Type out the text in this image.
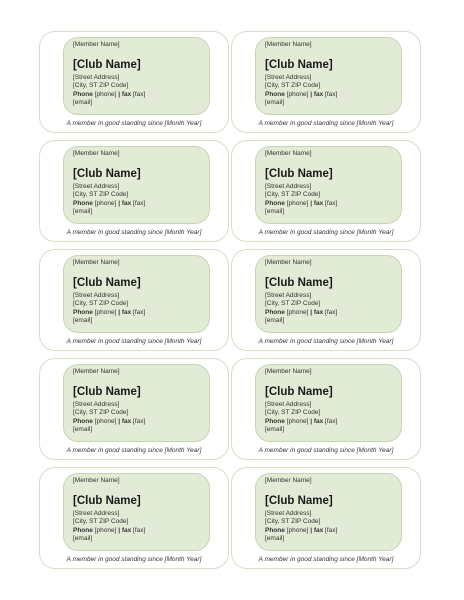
[Member Name]
[Club Name]
[Street Address]
[City, ST ZIP Code]
Phone [phone] | fax [fax]
[email]
A member in good standing since [Month Year]
[Member Name]
[Club Name]
[Street Address]
[City, ST ZIP Code]
Phone [phone] | fax [fax]
[email]
A member in good standing since [Month Year]
[Member Name]
[Club Name]
[Street Address]
[City, ST ZIP Code]
Phone [phone] | fax [fax]
[email]
A member in good standing since [Month Year]
[Member Name]
[Club Name]
[Street Address]
[City, ST ZIP Code]
Phone [phone] | fax [fax]
[email]
A member in good standing since [Month Year]
[Member Name]
[Club Name]
[Street Address]
[City, ST ZIP Code]
Phone [phone] | fax [fax]
[email]
A member in good standing since [Month Year]
[Member Name]
[Club Name]
[Street Address]
[City, ST ZIP Code]
Phone [phone] | fax [fax]
[email]
A member in good standing since [Month Year]
[Member Name]
[Club Name]
[Street Address]
[City, ST ZIP Code]
Phone [phone] | fax [fax]
[email]
A member in good standing since [Month Year]
[Member Name]
[Club Name]
[Street Address]
[City, ST ZIP Code]
Phone [phone] | fax [fax]
[email]
A member in good standing since [Month Year]
[Member Name]
[Club Name]
[Street Address]
[City, ST ZIP Code]
Phone [phone] | fax [fax]
[email]
A member in good standing since [Month Year]
[Member Name]
[Club Name]
[Street Address]
[City, ST ZIP Code]
Phone [phone] | fax [fax]
[email]
A member in good standing since [Month Year]
